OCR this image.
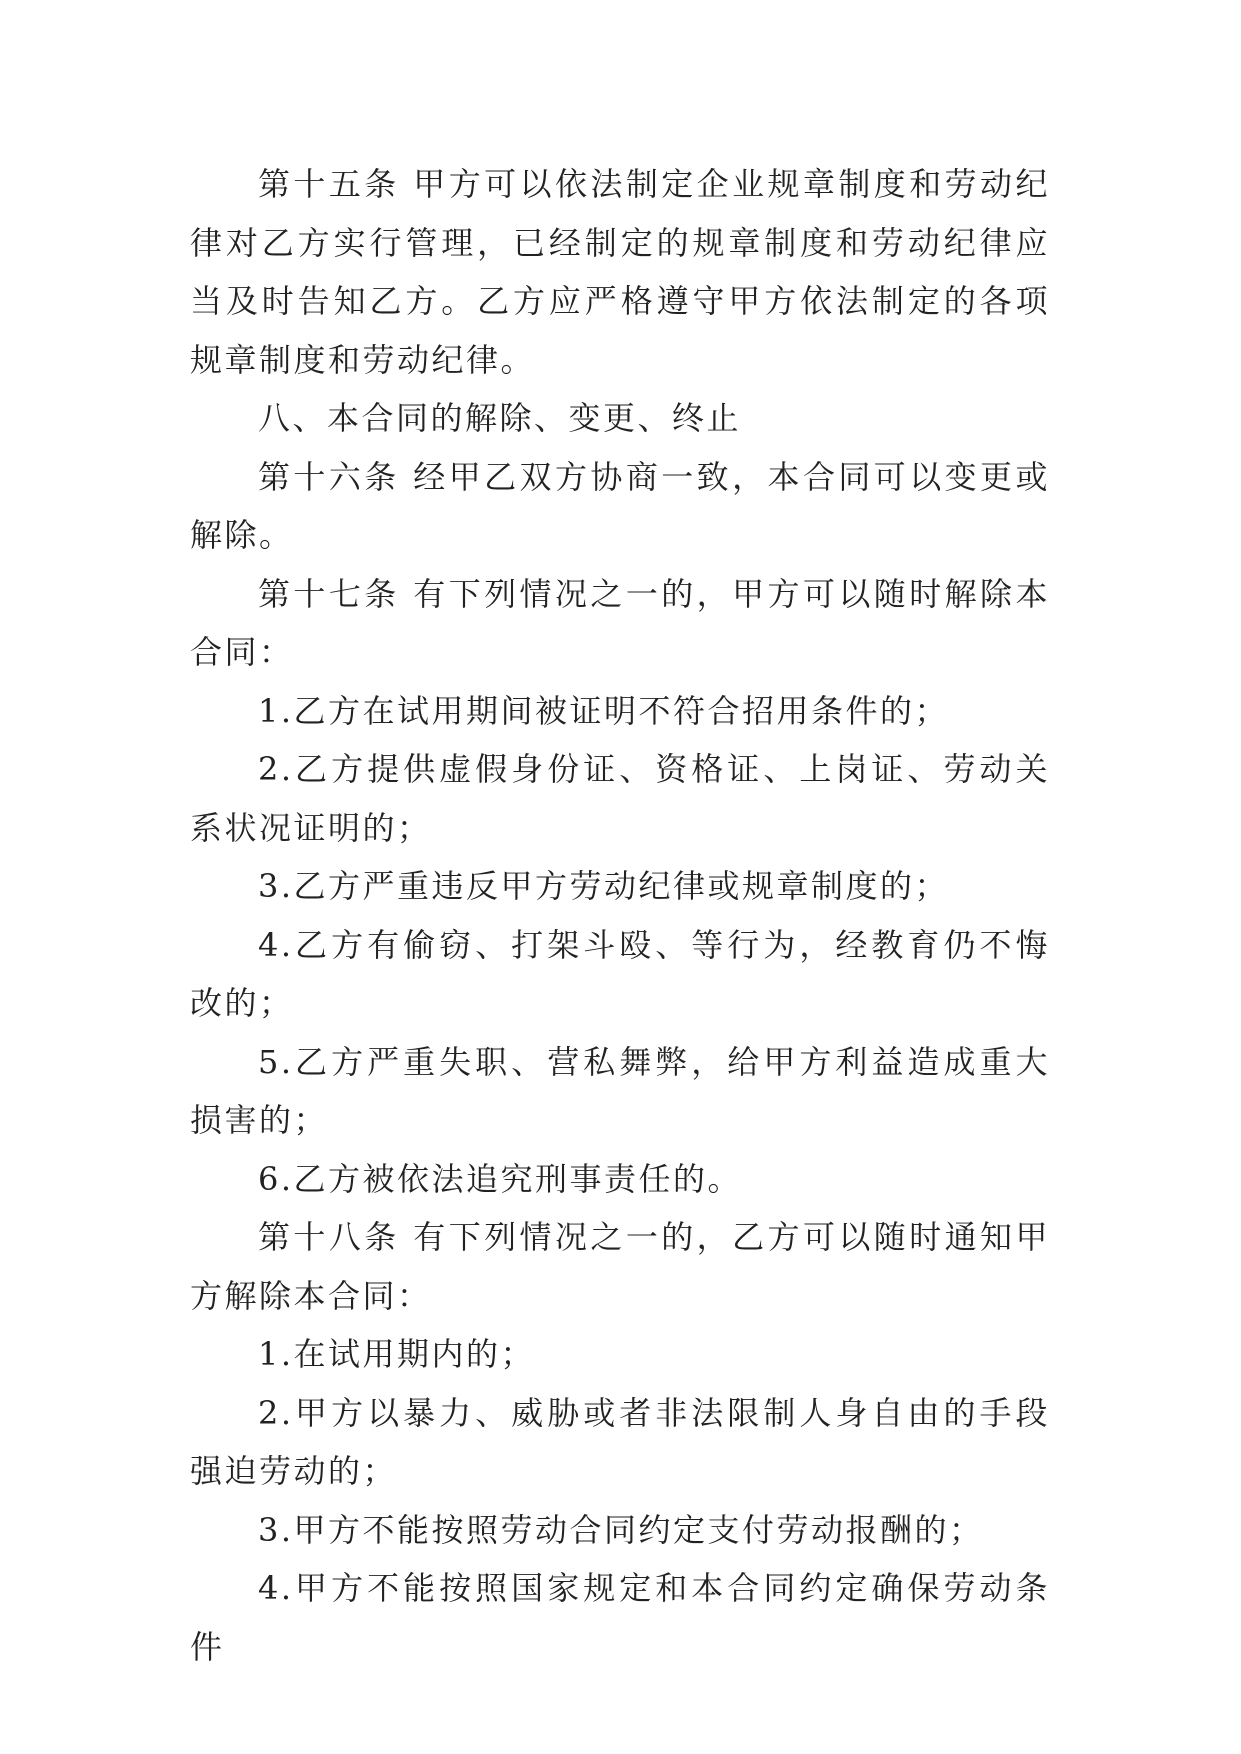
第十五条 甲方可以依法制定企业规章制度和劳动纪律对乙方实行管理，已经制定的规章制度和劳动纪律应当及时告知乙方。乙方应严格遵守甲方依法制定的各项规章制度和劳动纪律。

八、本合同的解除、变更、终止

第十六条 经甲乙双方协商一致，本合同可以变更或解除。

第十七条 有下列情况之一的，甲方可以随时解除本合同：

1.乙方在试用期间被证明不符合招用条件的；

2.乙方提供虚假身份证、资格证、上岗证、劳动关系状况证明的；

3.乙方严重违反甲方劳动纪律或规章制度的；

4.乙方有偷窃、打架斗殴、等行为，经教育仍不悔改的；

5.乙方严重失职、营私舞弊，给甲方利益造成重大损害的；

6.乙方被依法追究刑事责任的。

第十八条 有下列情况之一的，乙方可以随时通知甲方解除本合同：

1.在试用期内的；

2.甲方以暴力、威胁或者非法限制人身自由的手段强迫劳动的；

3.甲方不能按照劳动合同约定支付劳动报酬的；

4.甲方不能按照国家规定和本合同约定确保劳动条件
